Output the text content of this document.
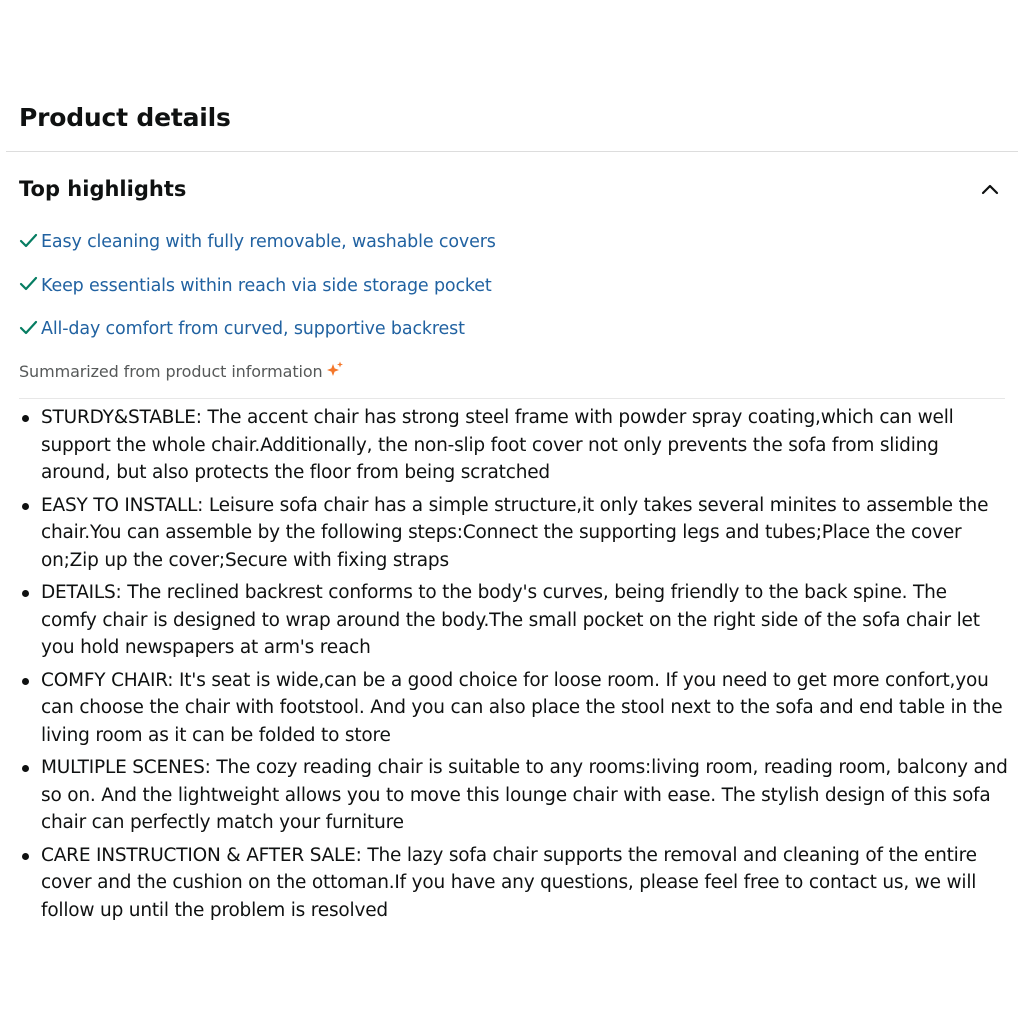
Product details
Top highlights
Easy cleaning with fully removable, washable covers
Keep essentials within reach via side storage pocket
All-day comfort from curved, supportive backrest
Summarized from product information
STURDY&STABLE: The accent chair has strong steel frame with powder spray coating,which can well support the whole chair.Additionally, the non-slip foot cover not only prevents the sofa from sliding around, but also protects the floor from being scratched
EASY TO INSTALL: Leisure sofa chair has a simple structure,it only takes several minites to assemble the chair.You can assemble by the following steps:Connect the supporting legs and tubes;Place the cover on;Zip up the cover;Secure with fixing straps
DETAILS: The reclined backrest conforms to the body's curves, being friendly to the back spine. The comfy chair is designed to wrap around the body.The small pocket on the right side of the sofa chair let you hold newspapers at arm's reach
COMFY CHAIR: It's seat is wide,can be a good choice for loose room. If you need to get more confort,you can choose the chair with footstool. And you can also place the stool next to the sofa and end table in the living room as it can be folded to store
MULTIPLE SCENES: The cozy reading chair is suitable to any rooms:living room, reading room, balcony and so on. And the lightweight allows you to move this lounge chair with ease. The stylish design of this sofa chair can perfectly match your furniture
CARE INSTRUCTION & AFTER SALE: The lazy sofa chair supports the removal and cleaning of the entire cover and the cushion on the ottoman.If you have any questions, please feel free to contact us, we will follow up until the problem is resolved
